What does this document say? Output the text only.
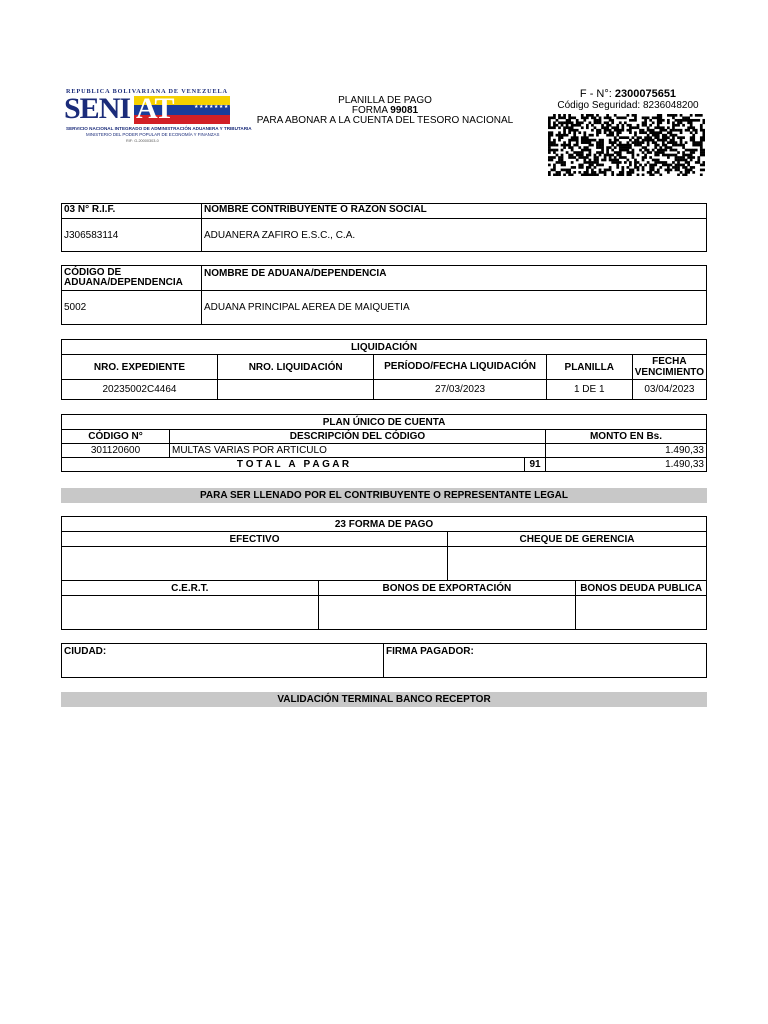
REPUBLICA BOLIVARIANA DE VENEZUELA
SENI AT	★★★★★★★★
SERVICIO NACIONAL INTEGRADO DE ADMINISTRACIÓN ADUANERA Y TRIBUTARIA
MINISTERIO DEL PODER POPULAR DE ECONOMÍA Y FINANZAS
RIF: G-20000303-0
PLANILLA DE PAGO
FORMA 99081
PARA ABONAR A LA CUENTA DEL TESORO NACIONAL
F - N°: 2300075651
Código Seguridad: 8236048200
03 N° R.I.F.	NOMBRE CONTRIBUYENTE O RAZON SOCIAL
J306583114	ADUANERA ZAFIRO E.S.C., C.A.
CÓDIGO DE ADUANA/DEPENDENCIA	NOMBRE DE ADUANA/DEPENDENCIA
5002	ADUANA PRINCIPAL AEREA DE MAIQUETIA
LIQUIDACIÓN				
NRO. EXPEDIENTE	NRO. LIQUIDACIÓN	PERÍODO/FECHA LIQUIDACIÓN	PLANILLA	FECHA VENCIMIENTO
20235002C4464		27/03/2023	1 DE 1	03/04/2023
PLAN ÚNICO DE CUENTA			
CÓDIGO N°	DESCRIPCIÓN DEL CÓDIGO		MONTO EN Bs.
301120600	MULTAS VARIAS POR ARTICULO		1.490,33
T O T A L   A   P A G A R		91	1.490,33
PARA SER LLENADO POR EL CONTRIBUYENTE O REPRESENTANTE LEGAL
23 FORMA DE PAGO			
EFECTIVO		CHEQUE DE GERENCIA	

C.E.R.T.	BONOS DE EXPORTACIÓN		BONOS DEUDA PUBLICA

CIUDAD:	FIRMA PAGADOR:
VALIDACIÓN TERMINAL BANCO RECEPTOR
